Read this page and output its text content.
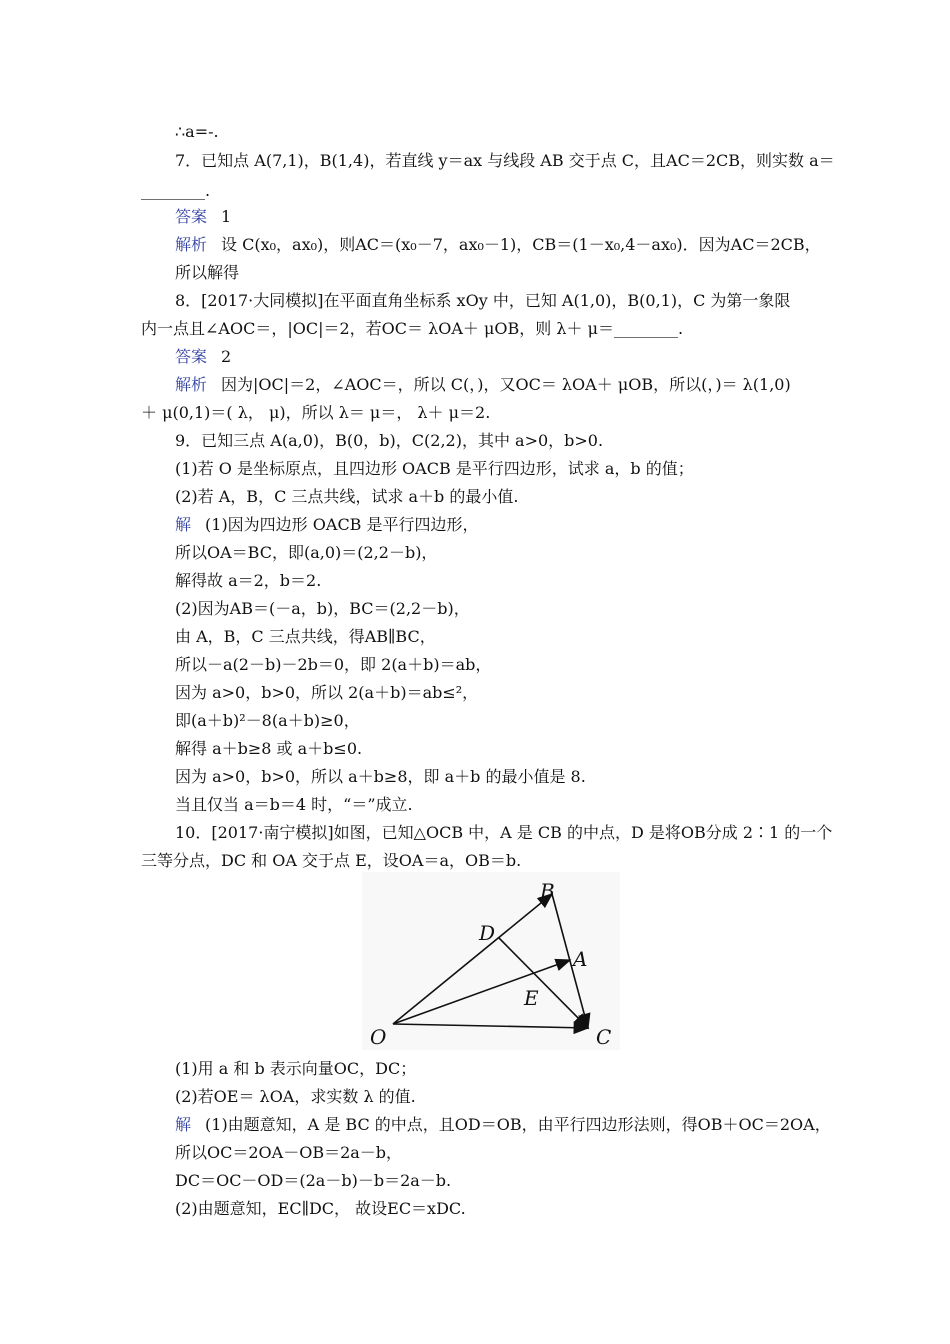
∴a=-.
7．已知点 A(7,1)，B(1,4)，若直线 y＝ax 与线段 AB 交于点 C，且AC＝2CB，则实数 a＝
________.
答案 1
解析 设 C(x₀，ax₀)，则AC＝(x₀－7，ax₀－1)，CB＝(1－x₀,4－ax₀)．因为AC＝2CB，
所以解得
8．[2017·大同模拟]在平面直角坐标系 xOy 中，已知 A(1,0)，B(0,1)，C 为第一象限
内一点且∠AOC＝，|OC|＝2，若OC＝ λOA＋ μOB，则 λ＋ μ＝________.
答案 2
解析 因为|OC|＝2，∠AOC＝，所以 C(，)，又OC＝ λOA＋ μOB，所以(，)＝ λ(1,0)
＋ μ(0,1)＝( λ， μ)，所以 λ＝ μ＝， λ＋ μ＝2.
9．已知三点 A(a,0)，B(0，b)，C(2,2)，其中 a>0，b>0.
(1)若 O 是坐标原点，且四边形 OACB 是平行四边形，试求 a，b 的值；
(2)若 A，B，C 三点共线，试求 a＋b 的最小值.
解 (1)因为四边形 OACB 是平行四边形，
所以OA＝BC，即(a,0)＝(2,2－b)，
解得故 a＝2，b＝2.
(2)因为AB＝(－a，b)，BC＝(2,2－b)，
由 A，B，C 三点共线，得AB∥BC，
所以－a(2－b)－2b＝0，即 2(a＋b)＝ab，
因为 a>0，b>0，所以 2(a＋b)＝ab≤²，
即(a＋b)²－8(a＋b)≥0，
解得 a＋b≥8 或 a＋b≤0.
因为 a>0，b>0，所以 a＋b≥8，即 a＋b 的最小值是 8.
当且仅当 a＝b＝4 时，“＝”成立.
10．[2017·南宁模拟]如图，已知△OCB 中，A 是 CB 的中点，D 是将OB分成 2∶1 的一个
三等分点，DC 和 OA 交于点 E，设OA＝a，OB＝b.
O	C
B
D
A
E
(1)用 a 和 b 表示向量OC，DC；
(2)若OE＝ λOA，求实数 λ 的值.
解 (1)由题意知，A 是 BC 的中点，且OD＝OB，由平行四边形法则，得OB＋OC＝2OA，
所以OC＝2OA－OB＝2a－b，
DC＝OC－OD＝(2a－b)－b＝2a－b.
(2)由题意知，EC∥DC， 故设EC＝xDC.
